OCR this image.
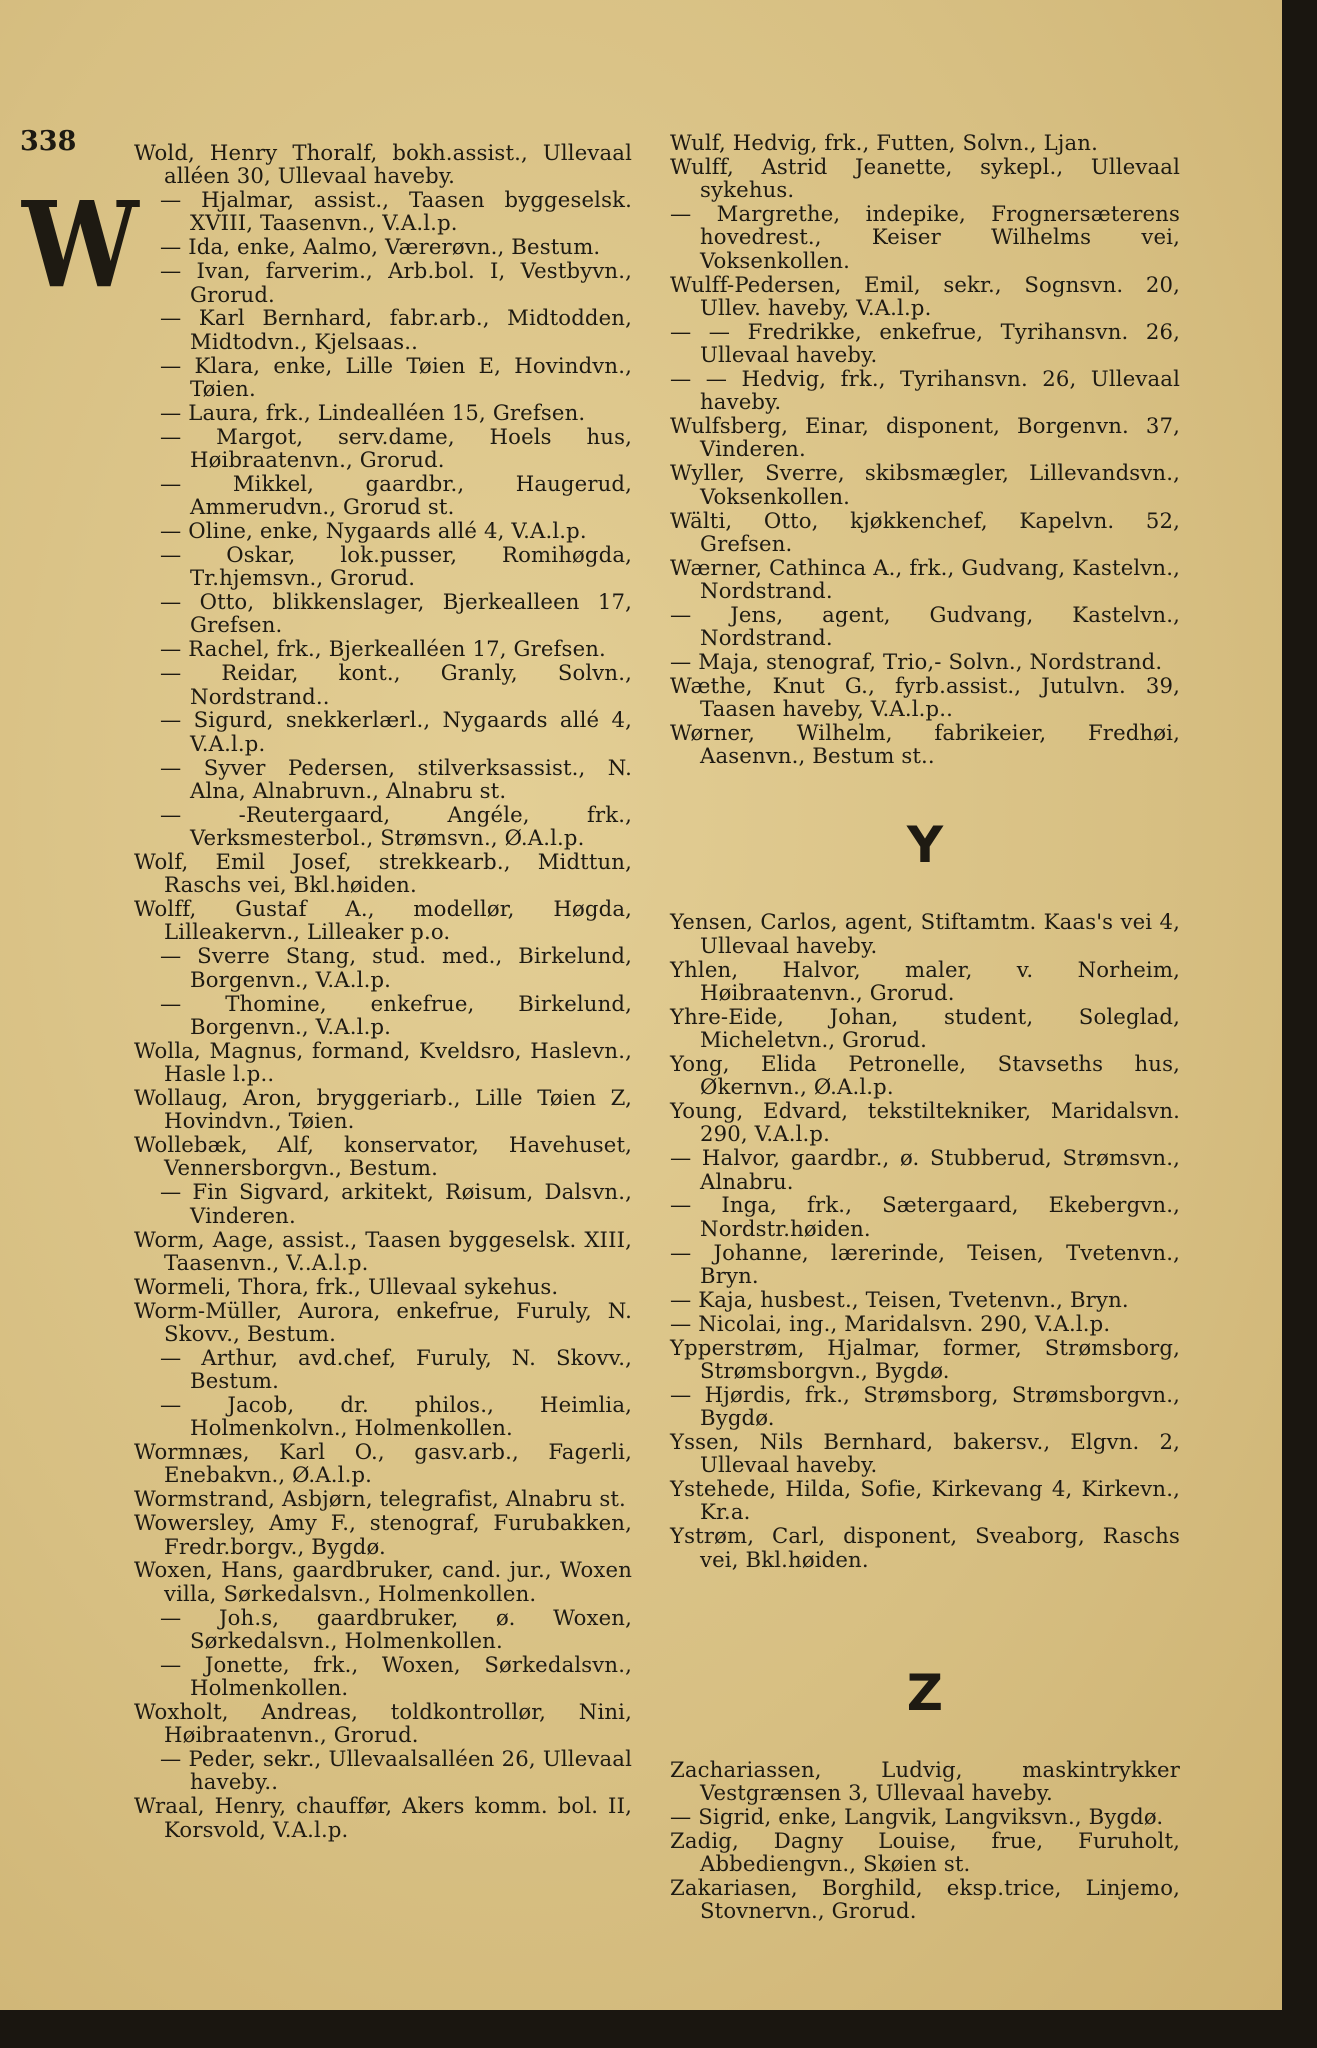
338
W

Wold, Henry Thoralf, bokh.assist., Ullevaal alléen 30, Ullevaal haveby.

— Hjalmar, assist., Taasen byggeselsk. XVIII, Taasenvn., V.A.l.p.

— Ida, enke, Aalmo, Værerøvn., Bestum.

— Ivan, farverim., Arb.bol. I, Vestbyvn., Grorud.

— Karl Bernhard, fabr.arb., Midtodden, Midtodvn., Kjelsaas..

— Klara, enke, Lille Tøien E, Hovindvn., Tøien.

— Laura, frk., Lindealléen 15, Grefsen.

— Margot, serv.dame, Hoels hus, Høibraatenvn., Grorud.

— Mikkel, gaardbr., Haugerud, Ammerudvn., Grorud st.

— Oline, enke, Nygaards allé 4, V.A.l.p.

— Oskar, lok.pusser, Romihøgda, Tr.hjemsvn., Grorud.

— Otto, blikkenslager, Bjerkealleen 17, Grefsen.

— Rachel, frk., Bjerkealléen 17, Grefsen.

— Reidar, kont., Granly, Solvn., Nordstrand..

— Sigurd, snekkerlærl., Nygaards allé 4, V.A.l.p.

— Syver Pedersen, stilverksassist., N. Alna, Alnabruvn., Alnabru st.

— -Reutergaard, Angéle, frk., Verksmesterbol., Strømsvn., Ø.A.l.p.

Wolf, Emil Josef, strekkearb., Midttun, Raschs vei, Bkl.høiden.

Wolff, Gustaf A., modellør, Høgda, Lilleakervn., Lilleaker p.o.

— Sverre Stang, stud. med., Birkelund, Borgenvn., V.A.l.p.

— Thomine, enkefrue, Birkelund, Borgenvn., V.A.l.p.

Wolla, Magnus, formand, Kveldsro, Haslevn., Hasle l.p..

Wollaug, Aron, bryggeriarb., Lille Tøien Z, Hovindvn., Tøien.

Wollebæk, Alf, konservator, Havehuset, Vennersborgvn., Bestum.

— Fin Sigvard, arkitekt, Røisum, Dalsvn., Vinderen.

Worm, Aage, assist., Taasen byggeselsk. XIII, Taasenvn., V..A.l.p.

Wormeli, Thora, frk., Ullevaal sykehus.

Worm-Müller, Aurora, enkefrue, Furuly, N. Skovv., Bestum.

— Arthur, avd.chef, Furuly, N. Skovv., Bestum.

— Jacob, dr. philos., Heimlia, Holmenkolvn., Holmenkollen.

Wormnæs, Karl O., gasv.arb., Fagerli, Enebakvn., Ø.A.l.p.

Wormstrand, Asbjørn, telegrafist, Alnabru st.

Wowersley, Amy F., stenograf, Furubakken, Fredr.borgv., Bygdø.

Woxen, Hans, gaardbruker, cand. jur., Woxen villa, Sørkedalsvn., Holmenkollen.

— Joh.s, gaardbruker, ø. Woxen, Sørkedalsvn., Holmenkollen.

— Jonette, frk., Woxen, Sørkedalsvn., Holmenkollen.

Woxholt, Andreas, toldkontrollør, Nini, Høibraatenvn., Grorud.

— Peder, sekr., Ullevaalsalléen 26, Ullevaal haveby..

Wraal, Henry, chauffør, Akers komm. bol. II, Korsvold, V.A.l.p.

Wulf, Hedvig, frk., Futten, Solvn., Ljan.

Wulff, Astrid Jeanette, sykepl., Ullevaal sykehus.

— Margrethe, indepike, Frognersæterens hovedrest., Keiser Wilhelms vei, Voksenkollen.

Wulff-Pedersen, Emil, sekr., Sognsvn. 20, Ullev. haveby, V.A.l.p.

— — Fredrikke, enkefrue, Tyrihansvn. 26, Ullevaal haveby.

— — Hedvig, frk., Tyrihansvn. 26, Ullevaal haveby.

Wulfsberg, Einar, disponent, Borgenvn. 37, Vinderen.

Wyller, Sverre, skibsmægler, Lillevandsvn., Voksenkollen.

Wälti, Otto, kjøkkenchef, Kapelvn. 52, Grefsen.

Wærner, Cathinca A., frk., Gudvang, Kastelvn., Nordstrand.

— Jens, agent, Gudvang, Kastelvn., Nordstrand.

— Maja, stenograf, Trio,- Solvn., Nordstrand.

Wæthe, Knut G., fyrb.assist., Jutulvn. 39, Taasen haveby, V.A.l.p..

Wørner, Wilhelm, fabrikeier, Fredhøi, Aasenvn., Bestum st..

Y

Yensen, Carlos, agent, Stiftamtm. Kaas's vei 4, Ullevaal haveby.

Yhlen, Halvor, maler, v. Norheim, Høibraatenvn., Grorud.

Yhre-Eide, Johan, student, Soleglad, Micheletvn., Grorud.

Yong, Elida Petronelle, Stavseths hus, Økernvn., Ø.A.l.p.

Young, Edvard, tekstiltekniker, Maridalsvn. 290, V.A.l.p.

— Halvor, gaardbr., ø. Stubberud, Strømsvn., Alnabru.

— Inga, frk., Sætergaard, Ekebergvn., Nordstr.høiden.

— Johanne, lærerinde, Teisen, Tvetenvn., Bryn.

— Kaja, husbest., Teisen, Tvetenvn., Bryn.

— Nicolai, ing., Maridalsvn. 290, V.A.l.p.

Ypperstrøm, Hjalmar, former, Strømsborg, Strømsborgvn., Bygdø.

— Hjørdis, frk., Strømsborg, Strømsborgvn., Bygdø.

Yssen, Nils Bernhard, bakersv., Elgvn. 2, Ullevaal haveby.

Ystehede, Hilda, Sofie, Kirkevang 4, Kirkevn., Kr.a.

Ystrøm, Carl, disponent, Sveaborg, Raschs vei, Bkl.høiden.

Z

Zachariassen, Ludvig, maskintrykker Vestgrænsen 3, Ullevaal haveby.

— Sigrid, enke, Langvik, Langviksvn., Bygdø.

Zadig, Dagny Louise, frue, Furuholt, Abbediengvn., Skøien st.

Zakariasen, Borghild, eksp.trice, Linjemo, Stovnervn., Grorud.
